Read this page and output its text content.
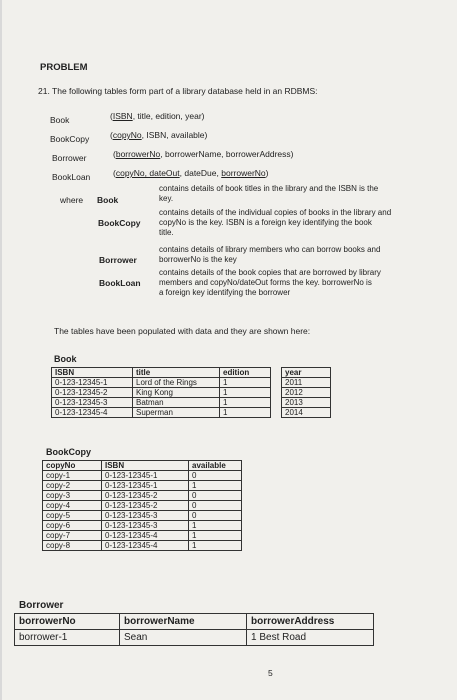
PROBLEM
21. The following tables form part of a library database held in an RDBMS:
Book	(ISBN, title, edition, year)
BookCopy (copyNo, ISBN, available)
Borrower	(borrowerNo, borrowerName, borrowerAddress)
BookLoan	(copyNo, dateOut, dateDue, borrowerNo)
where Book
contains details of book titles in the library and the ISBN is the
key.
BookCopy
contains details of the individual copies of books in the library and
copyNo is the key. ISBN is a foreign key identifying the book
title.
Borrower
contains details of library members who can borrow books and
borrowerNo is the key
BookLoan
contains details of the book copies that are borrowed by library
members and copyNo/dateOut forms the key. borrowerNo is
a foreign key identifying the borrower
The tables have been populated with data and they are shown here:
Book
ISBN	title	edition		year
0-123-12345-1	Lord of the Rings	1		2011
0-123-12345-2	King Kong	1		2012
0-123-12345-3	Batman	1		2013
0-123-12345-4	Superman	1		2014
BookCopy
copyNo	ISBN	available
copy-1	0-123-12345-1	0
copy-2	0-123-12345-1	1
copy-3	0-123-12345-2	0
copy-4	0-123-12345-2	0
copy-5	0-123-12345-3	0
copy-6	0-123-12345-3	1
copy-7	0-123-12345-4	1
copy-8	0-123-12345-4	1
Borrower
borrowerNo	borrowerName	borrowerAddress
borrower-1	Sean	1 Best Road
5
